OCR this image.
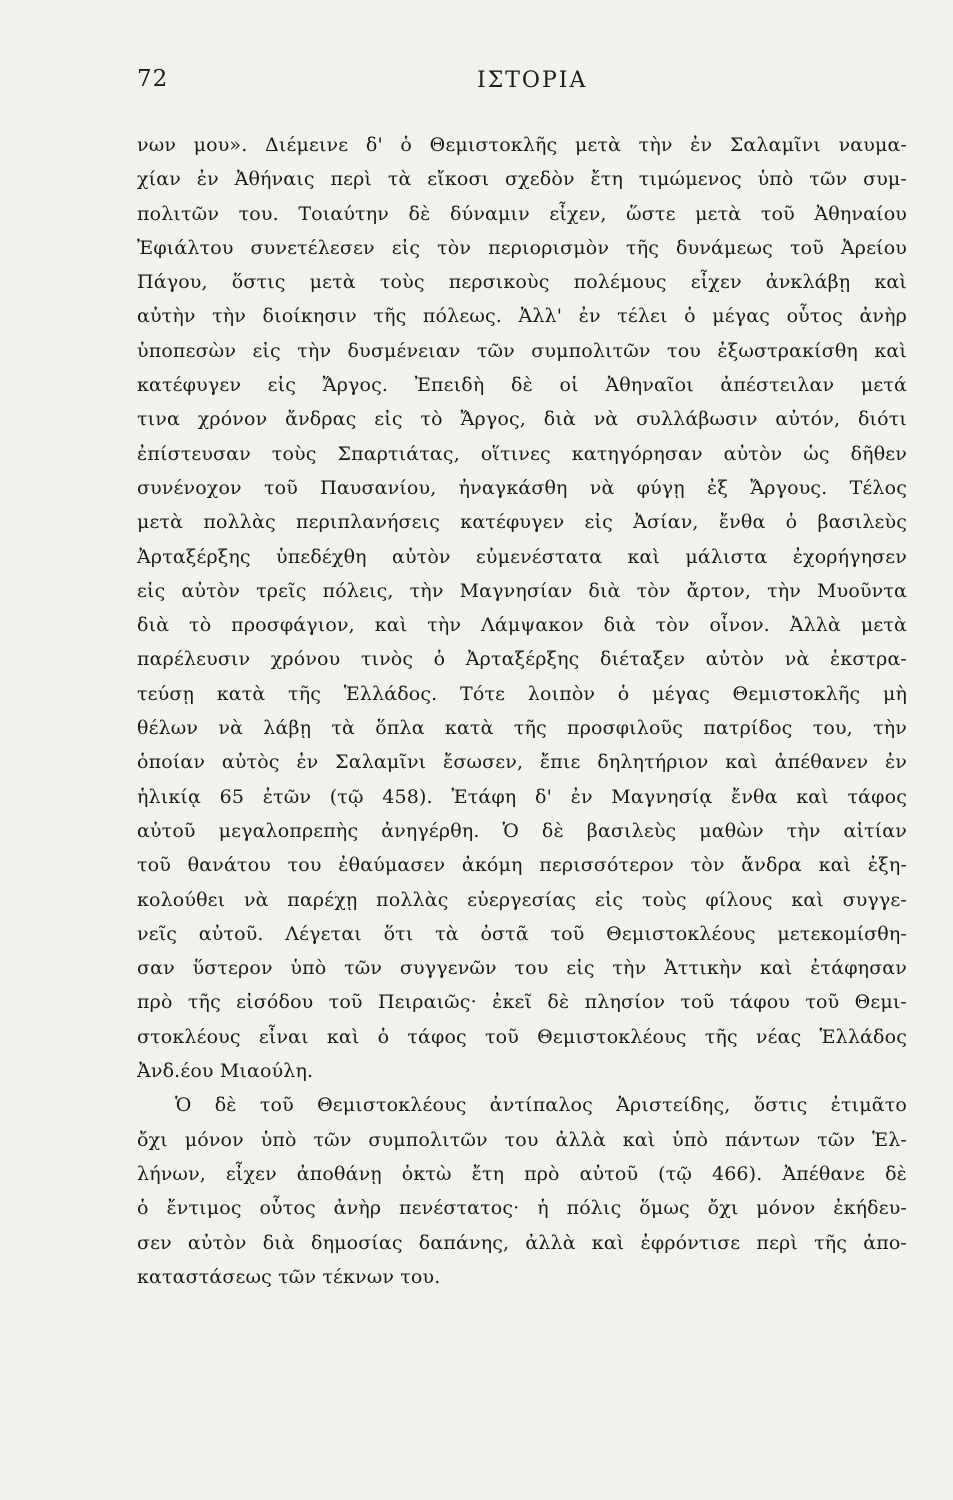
72	ΙΣΤΟΡΙΑ
νων μου». Διέμεινε δ' ὁ Θεμιστοκλῆς μετὰ τὴν ἐν Σαλαμῖνι ναυμα-
χίαν ἐν Ἀθήναις περὶ τὰ εἴκοσι σχεδὸν ἔτη τιμώμενος ὑπὸ τῶν συμ-
πολιτῶν του. Τοιαύτην δὲ δύναμιν εἶχεν, ὥστε μετὰ τοῦ Ἀθηναίου
Ἐφιάλτου συνετέλεσεν εἰς τὸν περιορισμὸν τῆς δυνάμεως τοῦ Ἀρείου
Πάγου, ὅστις μετὰ τοὺς περσικοὺς πολέμους εἶχεν ἀνκλάβῃ καὶ
αὐτὴν τὴν διοίκησιν τῆς πόλεως. Ἀλλ' ἐν τέλει ὁ μέγας οὗτος ἀνὴρ
ὑποπεσὼν εἰς τὴν δυσμένειαν τῶν συμπολιτῶν του ἐξωστρακίσθη καὶ
κατέφυγεν εἰς Ἄργος. Ἐπειδὴ δὲ οἱ Ἀθηναῖοι ἀπέστειλαν μετά
τινα χρόνον ἄνδρας εἰς τὸ Ἄργος, διὰ νὰ συλλάβωσιν αὐτόν, διότι
ἐπίστευσαν τοὺς Σπαρτιάτας, οἵτινες κατηγόρησαν αὐτὸν ὡς δῆθεν
συνένοχον τοῦ Παυσανίου, ἠναγκάσθη νὰ φύγῃ ἐξ Ἄργους. Τέλος
μετὰ πολλὰς περιπλανήσεις κατέφυγεν εἰς Ἀσίαν, ἔνθα ὁ βασιλεὺς
Ἀρταξέρξης ὑπεδέχθη αὐτὸν εὐμενέστατα καὶ μάλιστα ἐχορήγησεν
εἰς αὐτὸν τρεῖς πόλεις, τὴν Μαγνησίαν διὰ τὸν ἄρτον, τὴν Μυοῦντα
διὰ τὸ προσφάγιον, καὶ τὴν Λάμψακον διὰ τὸν οἶνον. Ἀλλὰ μετὰ
παρέλευσιν χρόνου τινὸς ὁ Ἀρταξέρξης διέταξεν αὐτὸν νὰ ἐκστρα-
τεύσῃ κατὰ τῆς Ἑλλάδος. Τότε λοιπὸν ὁ μέγας Θεμιστοκλῆς μὴ
θέλων νὰ λάβῃ τὰ ὅπλα κατὰ τῆς προσφιλοῦς πατρίδος του, τὴν
ὁποίαν αὐτὸς ἐν Σαλαμῖνι ἔσωσεν, ἔπιε δηλητήριον καὶ ἀπέθανεν ἐν
ἡλικίᾳ 65 ἐτῶν (τῷ 458). Ἐτάφη δ' ἐν Μαγνησίᾳ ἔνθα καὶ τάφος
αὐτοῦ μεγαλοπρεπὴς ἀνηγέρθη. Ὁ δὲ βασιλεὺς μαθὼν τὴν αἰτίαν
τοῦ θανάτου του ἐθαύμασεν ἀκόμη περισσότερον τὸν ἄνδρα καὶ ἐξη-
κολούθει νὰ παρέχῃ πολλὰς εὐεργεσίας εἰς τοὺς φίλους καὶ συγγε-
νεῖς αὐτοῦ. Λέγεται ὅτι τὰ ὀστᾶ τοῦ Θεμιστοκλέους μετεκομίσθη-
σαν ὕστερον ὑπὸ τῶν συγγενῶν του εἰς τὴν Ἀττικὴν καὶ ἐτάφησαν
πρὸ τῆς εἰσόδου τοῦ Πειραιῶς· ἐκεῖ δὲ πλησίον τοῦ τάφου τοῦ Θεμι-
στοκλέους εἶναι καὶ ὁ τάφος τοῦ Θεμιστοκλέους τῆς νέας Ἑλλάδος
Ἀνδ.έου Μιαούλη.
Ὁ δὲ τοῦ Θεμιστοκλέους ἀντίπαλος Ἀριστείδης, ὅστις ἐτιμᾶτο
ὄχι μόνον ὑπὸ τῶν συμπολιτῶν του ἀλλὰ καὶ ὑπὸ πάντων τῶν Ἑλ-
λήνων, εἶχεν ἀποθάνῃ ὀκτὼ ἔτη πρὸ αὐτοῦ (τῷ 466). Ἀπέθανε δὲ
ὁ ἔντιμος οὗτος ἀνὴρ πενέστατος· ἡ πόλις ὅμως ὄχι μόνον ἐκήδευ-
σεν αὐτὸν διὰ δημοσίας δαπάνης, ἀλλὰ καὶ ἐφρόντισε περὶ τῆς ἀπο-
καταστάσεως τῶν τέκνων του.
